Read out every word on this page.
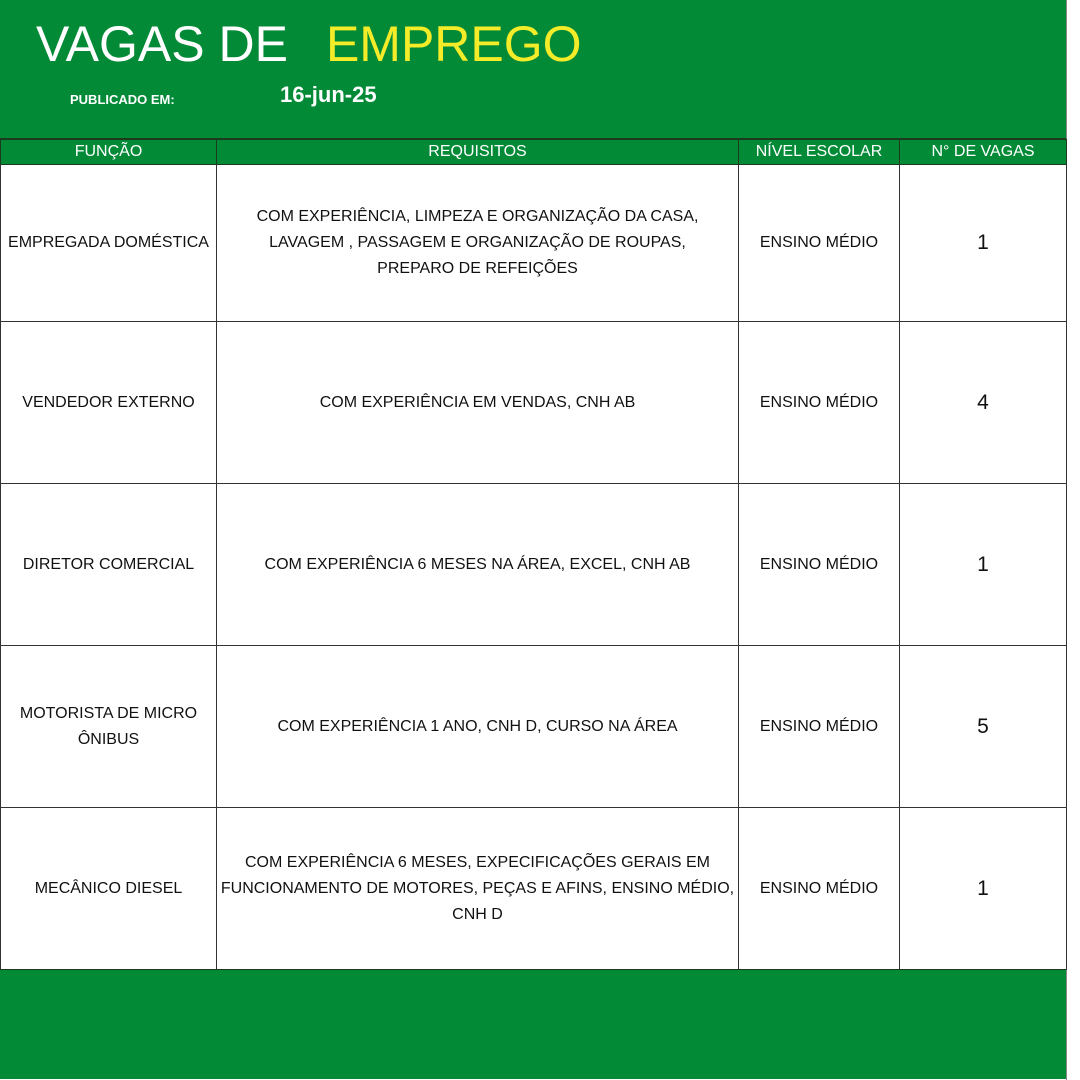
VAGAS DE EMPREGO
PUBLICADO EM:	16-jun-25
FUNÇÃO	REQUISITOS	NÍVEL ESCOLAR	N° DE VAGAS
EMPREGADA DOMÉSTICA	COM EXPERIÊNCIA, LIMPEZA E ORGANIZAÇÃO DA CASA, LAVAGEM , PASSAGEM E ORGANIZAÇÃO DE ROUPAS, PREPARO DE REFEIÇÕES	ENSINO MÉDIO	1
VENDEDOR EXTERNO	COM EXPERIÊNCIA EM VENDAS, CNH AB	ENSINO MÉDIO	4
DIRETOR COMERCIAL	COM EXPERIÊNCIA 6 MESES NA ÁREA, EXCEL, CNH AB	ENSINO MÉDIO	1
MOTORISTA DE MICRO ÔNIBUS	COM EXPERIÊNCIA 1 ANO, CNH D, CURSO NA ÁREA	ENSINO MÉDIO	5
MECÂNICO DIESEL	COM EXPERIÊNCIA 6 MESES, EXPECIFICAÇÕES GERAIS EM FUNCIONAMENTO DE MOTORES, PEÇAS E AFINS, ENSINO MÉDIO, CNH D	ENSINO MÉDIO	1
